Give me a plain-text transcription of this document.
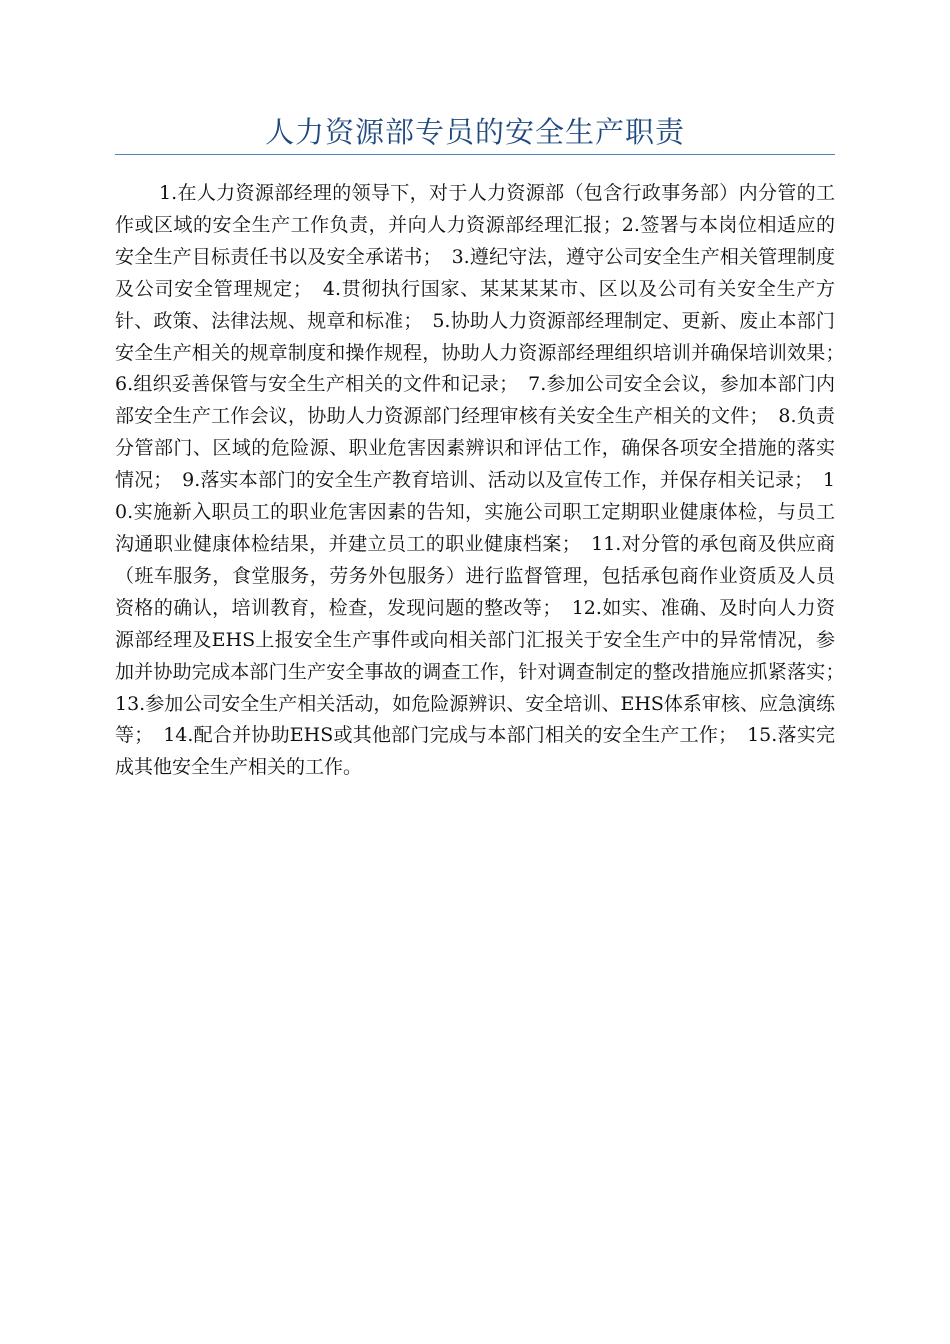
人力资源部专员的安全生产职责

1.在人力资源部经理的领导下，对于人力资源部（包含行政事务部）内分管的工作或区域的安全生产工作负责，并向人力资源部经理汇报；2.签署与本岗位相适应的安全生产目标责任书以及安全承诺书；　3.遵纪守法，遵守公司安全生产相关管理制度及公司安全管理规定；　4.贯彻执行国家、某某某某市、区以及公司有关安全生产方针、政策、法律法规、规章和标准；　5.协助人力资源部经理制定、更新、废止本部门安全生产相关的规章制度和操作规程，协助人力资源部经理组织培训并确保培训效果；　6.组织妥善保管与安全生产相关的文件和记录；　7.参加公司安全会议，参加本部门内部安全生产工作会议，协助人力资源部门经理审核有关安全生产相关的文件；　8.负责分管部门、区域的危险源、职业危害因素辨识和评估工作，确保各项安全措施的落实情况；　9.落实本部门的安全生产教育培训、活动以及宣传工作，并保存相关记录；　10.实施新入职员工的职业危害因素的告知，实施公司职工定期职业健康体检，与员工沟通职业健康体检结果，并建立员工的职业健康档案；　11.对分管的承包商及供应商（班车服务，食堂服务，劳务外包服务）进行监督管理，包括承包商作业资质及人员资格的确认，培训教育，检查，发现问题的整改等；　12.如实、准确、及时向人力资源部经理及EHS上报安全生产事件或向相关部门汇报关于安全生产中的异常情况，参加并协助完成本部门生产安全事故的调查工作，针对调查制定的整改措施应抓紧落实；　13.参加公司安全生产相关活动，如危险源辨识、安全培训、EHS体系审核、应急演练等；　14.配合并协助EHS或其他部门完成与本部门相关的安全生产工作；　15.落实完成其他安全生产相关的工作。
